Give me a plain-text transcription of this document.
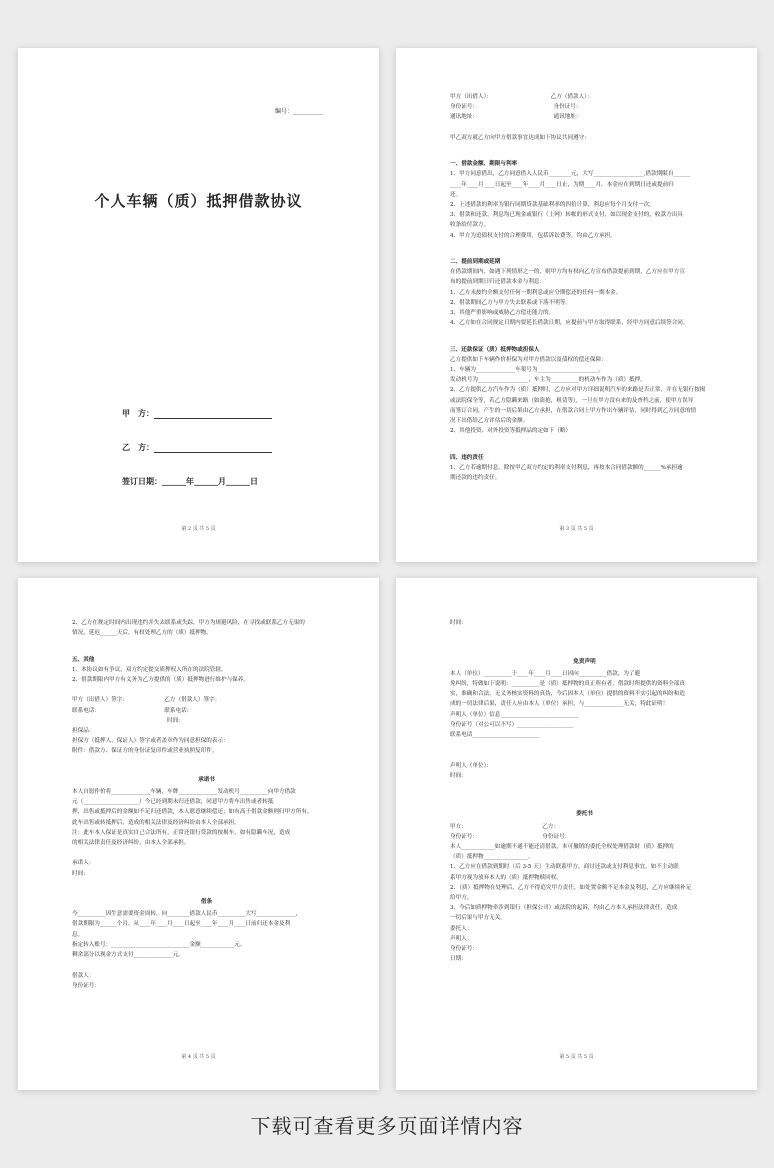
编号：__________
个人车辆（质）抵押借款协议
甲　方：
乙　方：
签订日期：______年______月______日
第 2 页 共 5 页
甲方（出借人）：　　　　　　　　　　　乙方（借款人）：
身份证号：　　　　　　　　　　　　　　身份证号：
通讯地址：　　　　　　　　　　　　　　通讯地址：

甲乙双方就乙方向甲方借款事宜达成如下协议共同遵守：

一、借款金额、期限与利率
1、甲方同意借出，乙方同意借入人民币________元，大写__________________,借款期限自______
____年____月____日起至____年____月____日止，为期____月。本金应在到期日还或提前归
还。
2、上述借款的利率为银行同期贷款基础利率的四倍计算，利息应每个月支付一次。
3、借款和还款，利息均已现金或银行（上网）转帐的形式支付，如以现金支付的，收款方出具
收条给付款方。
4、甲方为追债权支付的合理费用，包括诉讼费等，均由乙方承担。

二、提前到期或延期
在借款期间内，如遇下列情形之一的，则甲方均有权向乙方宣布借款提前到期，乙方应在甲方宣
布的提前到期日归还借款本金与利息：
1、乙方未按约全额支付任何一期利息或应分期偿还的任何一期本金。
2、借款期间乙方与甲方失去联系或下落不明等。
3、其他严重影响或威胁乙方偿还能力的。
4、乙方如在合同规定日期内要延长借款日期，应提前与甲方取得联系，经甲方同意后续签合同。

三、还款保证（质）抵押物或担保人
乙方提供如下车辆作价担保为对甲方借款以及债权的偿还保障：
1、车辆为______________车架号为______________________,
发动机号为__________________，车主为__________的机动车作为（质）抵押。
2、乙方提供乙方汽车作为（质）抵押时，乙方应对甲方详细说明汽车的来路是否正常，并在无银行按揭
或法院保全等，若乙方隐瞒来路（如盗抢，租赁等），一旦在甲方没有来的及查档之前，使甲方误导
而签订合同，产生的一切后果由乙方承担，在借款合同上甲方作出车辆评估，同时得到乙方同意的情
况下出借给乙方评估后的金额。
2、其他投资、对外投资等抵押品的定如下（略）

四、违约责任
1、乙方若逾期付息，除按甲乙双方约定的利率支付利息，再按本合同借款额的______%承担逾
期还款的违约责任。
第 3 页 共 5 页
2、乙方在规定时间内出现违约并失去联系或失踪，甲方为规避风险，在寻找或联系乙方无果的
情况，延迟______天后，有权处理乙方的（质）抵押物。

五、其他
1、本协议如有争议，双方约定提交质押权人所在的法院管辖。
2、借款期限内甲方有义务为乙方提供的（质）抵押物进行维护与保养。

甲方（出借人）签字：　　　　　　　乙方（借款人）签字：
联系电话：　　　　　　　　　　　　联系电话：
　　　　　　　　　　　　　　　　　时间：
担保品：
担保方（抵押人、保证人）签字或者盖章作为同意担保的表示：
附件：借款方、保证方的身份证复印件或营业执照复印件。

承诺书
本人自愿作价将______________车辆，车牌______________发动机号__________向甲方借款
元（____________________）今已经到期未归还借款，同意甲方将车出售或者转抵
押，出售或抵押后的金额如不足归还借款，本人愿意继续偿还；如有高于借款金额则归甲方所有，
此车出售或转抵押后，造成的相关法律及经济纠纷由本人全部承担。
注：此车本人保证是真实自己合法所有，正常还银行贷款的按揭车，如有隐瞒车况，造成
的相关法律责任及经济纠纷，由本人全部承担。

承诺人：
时间：

借条
今__________因生意需要资金周转，向________借款人民币__________大写______________，
借款期限为______个月，从____年____月____日起至____年____月____日前归还本金及利
息。
指定转入账号：____________________________金额____________元。
剩余部分以现金方式支付______________元。

借款人：
身份证号：
第 4 页 共 5 页
时间：

免责声明
本人（单位）__________于____年____月____日因向__________借款，为了避
免纠纷，特做如下说明：__________是（质）抵押物的真正所有者，借款时所提供的资料全部真
实，准确和合法，无义务核实资料的真伪，今后因本人（单位）提供的资料不实引起的纠纷和造
成的一切法律后果，责任人应由本人（单位）承担，与______________无关，特此证明！
声明人（单位）信息____________________________
身份证号（对公可以不写）____________________
联系电话________________________

声明人（单位）：
时间：

委托书
甲方：　　　　　　　　　　　　　　乙方：
身份证号：　　　　　　　　　　　　身份证号：
本人____________如逾期不通不能还清借款，本可撤销的委托全权处理借款时（质）抵押的
（质）抵押物________________。
1、乙方应在借款到期时（后 3-5 天）主动联系甲方，商讨还款或支付利息事宜，如不主动联
系甲方视为放弃本人的（质）抵押物赎回权。
2、（质）抵押物在处理后，乙方不得追究甲方责任，如处置金额不足本金及利息，乙方应继续补足
给甲方。
3、今后如质押物牵涉到银行（担保公司）或法院的起诉，均由乙方本人承担法律责任，造成
一切后果与甲方无关。
委托人：
声明人：
身份证号：
日期：
第 5 页 共 5 页
下载可查看更多页面详情内容
